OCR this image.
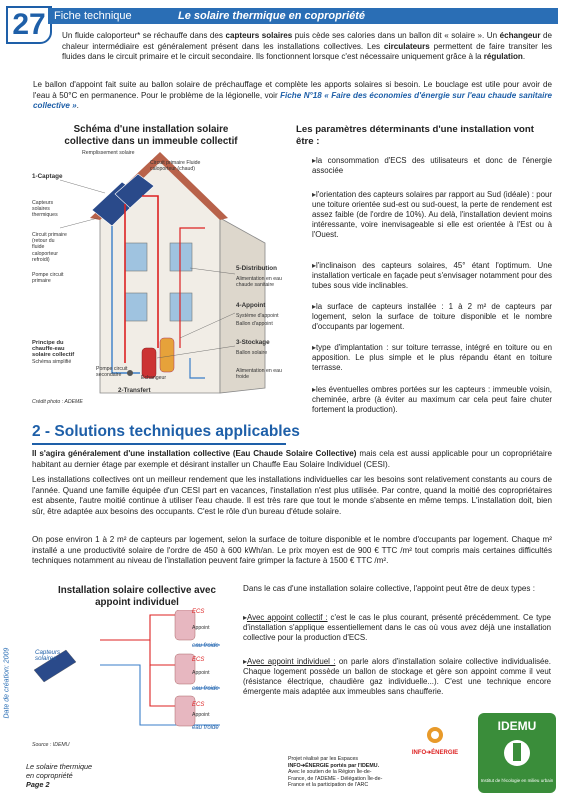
27 Fiche technique	Le solaire thermique en copropriété
Un fluide caloporteur* se réchauffe dans des capteurs solaires puis cède ses calories dans un ballon dit « solaire ». Un échangeur de chaleur intermédiaire est généralement présent dans les installations collectives. Les circulateurs permettent de faire transiter les fluides dans le circuit primaire et le circuit secondaire. Ils fonctionnent lorsque c'est nécessaire uniquement grâce à la régulation.
Le ballon d'appoint fait suite au ballon solaire de préchauffage et complète les apports solaires si besoin. Le bouclage est utile pour avoir de l'eau à 50°C en permanence. Pour le problème de la légionelle, voir Fiche N°18 « Faire des économies d'énergie sur l'eau chaude sanitaire collective ».
Schéma d'une installation solaire collective dans un immeuble collectif
Remplissement solaire
Circuit primaire Fluide caloporteur (chaud)
1-Captage
Capteurs solaires thermiques
Circuit primaire (retour du fluide caloporteur refroidi)
Pompe circuit primaire
5-Distribution
Alimentation en eau chaude sanitaire
4-Appoint
Système d'appoint
Ballon d'appoint
3-Stockage
Ballon solaire
Alimentation en eau froide
Principe du chauffe-eau solaire collectif
Schéma simplifié
Pompe circuit secondaire	Échangeur
2-Transfert
Crédit photo : ADEME
Les paramètres déterminants d'une installation vont être :
▸ la consommation d'ECS des utilisateurs et donc de l'énergie associée
▸ l'orientation des capteurs solaires par rapport au Sud (idéale) : pour une toiture orientée sud-est ou sud-ouest, la perte de rendement est assez faible (de l'ordre de 10%). Au delà, l'installation devient moins intéressante, voire inenvisageable si elle est orientée à l'Est ou à l'Ouest.
▸ l'inclinaison des capteurs solaires, 45° étant l'optimum. Une installation verticale en façade peut s'envisager notamment pour des tubes sous vide inclinables.
▸ la surface de capteurs installée : 1 à 2 m² de capteurs par logement, selon la surface de toiture disponible et le nombre d'occupants par logement.
▸ type d'implantation : sur toiture terrasse, intégré en toiture ou en apposition. Le plus simple et le plus répandu étant en toiture terrasse.
▸ les éventuelles ombres portées sur les capteurs : immeuble voisin, cheminée, arbre (à éviter au maximum car cela peut faire chuter fortement la production).
2 - Solutions techniques applicables
Il s'agira généralement d'une installation collective (Eau Chaude Solaire Collective) mais cela est aussi applicable pour un copropriétaire habitant au dernier étage par exemple et désirant installer un Chauffe Eau Solaire Individuel (CESI).
Les installations collectives ont un meilleur rendement que les installations individuelles car les besoins sont relativement constants au cours de l'année. Quand une famille équipée d'un CESI part en vacances, l'installation n'est plus utilisée. Par contre, quand la moitié des copropriétaires est absente, l'autre moitié continue à utiliser l'eau chaude. Il est très rare que tout le monde s'absente en même temps. L'installation doit, bien sûr, être adaptée aux besoins des occupants. C'est le rôle d'un bureau d'étude solaire.
On pose environ 1 à 2 m² de capteurs par logement, selon la surface de toiture disponible et le nombre d'occupants par logement. Chaque m² installé a une productivité solaire de l'ordre de 450 à 600 kWh/an. Le prix moyen est de 900 € TTC /m² tout compris mais certaines difficultés techniques notamment au niveau de l'installation peuvent faire grimper la facture à 1500 € TTC /m².
Installation solaire collective avec appoint individuel
Capteurs solaires
ECS
Appoint
eau froide
ECS
Appoint
eau froide
ECS
Appoint
eau froide
Source : IDEMU
Dans le cas d'une installation solaire collective, l'appoint peut être de deux types :
▸ Avec appoint collectif : c'est le cas le plus courant, présenté précédemment. Ce type d'installation s'applique essentiellement dans le cas où vous avez déjà une installation collective pour la production d'ECS.
▸ Avec appoint individuel : on parle alors d'installation solaire collective individualisée. Chaque logement possède un ballon de stockage et gère son appoint comme il veut (résistance électrique, chaudière gaz individuelle...). C'est une technique encore émergente mais adaptée aux immeubles sans chaufferie.
Date de création: 2009
Le solaire thermique
en copropriété
Page 2
Projet réalisé par les Espaces
INFO➔ÉNERGIE portés par l'IDEMU.
Avec le soutien de la Région Île-de-France, de l'ADEME - Délégation Île-de-France et la participation de l'ARC
INFO➔ÉNERGIE
IDEMU
Institut de l'écologie en milieu urbain
